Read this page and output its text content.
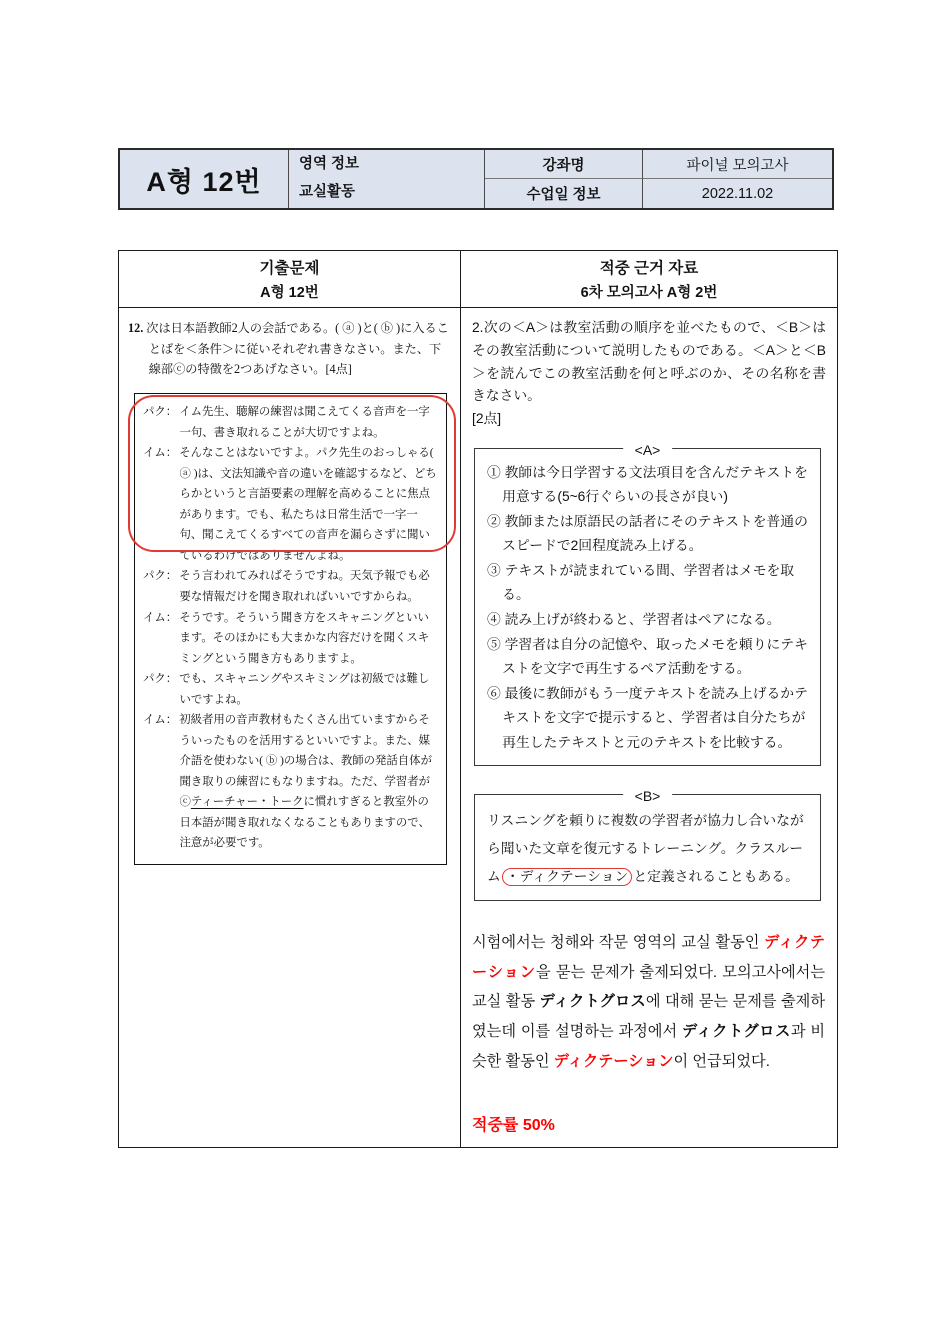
A형 12번
영역 정보
교실활동
강좌명	파이널 모의고사
수업일 정보	2022.11.02
기출문제
A형 12번
적중 근거 자료
6차 모의고사 A형 2번
12. 次は日本語教師2人の会話である。( ⓐ )と( ⓑ )に入ることばを＜条件＞に従いそれぞれ書きなさい。また、下線部ⓒの特徴を2つあげなさい。[4点]
パク： イム先生、聴解の練習は聞こえてくる音声を一字一句、書き取れることが大切ですよね。
イム： そんなことはないですよ。パク先生のおっしゃる( ⓐ )は、文法知識や音の違いを確認するなど、どちらかというと言語要素の理解を高めることに焦点があります。でも、私たちは日常生活で一字一句、聞こえてくるすべての音声を漏らさずに聞いているわけではありませんよね。
パク： そう言われてみればそうですね。天気予報でも必要な情報だけを聞き取れればいいですからね。
イム： そうです。そういう聞き方をスキャニングといいます。そのほかにも大まかな内容だけを聞くスキミングという聞き方もありますよ。
パク： でも、スキャニングやスキミングは初級では難しいですよね。
イム： 初級者用の音声教材もたくさん出ていますからそういったものを活用するといいですよ。また、媒介語を使わない( ⓑ )の場合は、教師の発話自体が聞き取りの練習にもなりますね。ただ、学習者がⓒティーチャー・トークに慣れすぎると教室外の日本語が聞き取れなくなることもありますので、注意が必要です。
2.次の＜A＞は教室活動の順序を並べたもので、＜B＞はその教室活動について説明したものである。＜A＞と＜B＞を読んでこの教室活動を何と呼ぶのか、その名称を書きなさい。
[2点]
<A>
① 教師は今日学習する文法項目を含んだテキストを用意する(5~6行ぐらいの長さが良い)
② 教師または原語民の話者にそのテキストを普通のスピードで2回程度読み上げる。
③ テキストが読まれている間、学習者はメモを取る。
④ 読み上げが終わると、学習者はペアになる。
⑤ 学習者は自分の記憶や、取ったメモを頼りにテキストを文字で再生するペア活動をする。
⑥ 最後に教師がもう一度テキストを読み上げるかテキストを文字で提示すると、学習者は自分たちが再生したテキストと元のテキストを比較する。
<B>
リスニングを頼りに複数の学習者が協力し合いながら聞いた文章を復元するトレーニング。クラスルーム ・ディクテーション と定義されることもある。
시험에서는 청해와 작문 영역의 교실 활동인 ディクテーション을 묻는 문제가 출제되었다. 모의고사에서는 교실 활동 ディクトグロス에 대해 묻는 문제를 출제하였는데 이를 설명하는 과정에서 ディクトグロス과 비슷한 활동인 ディクテーション이 언급되었다.
적중률 50%
